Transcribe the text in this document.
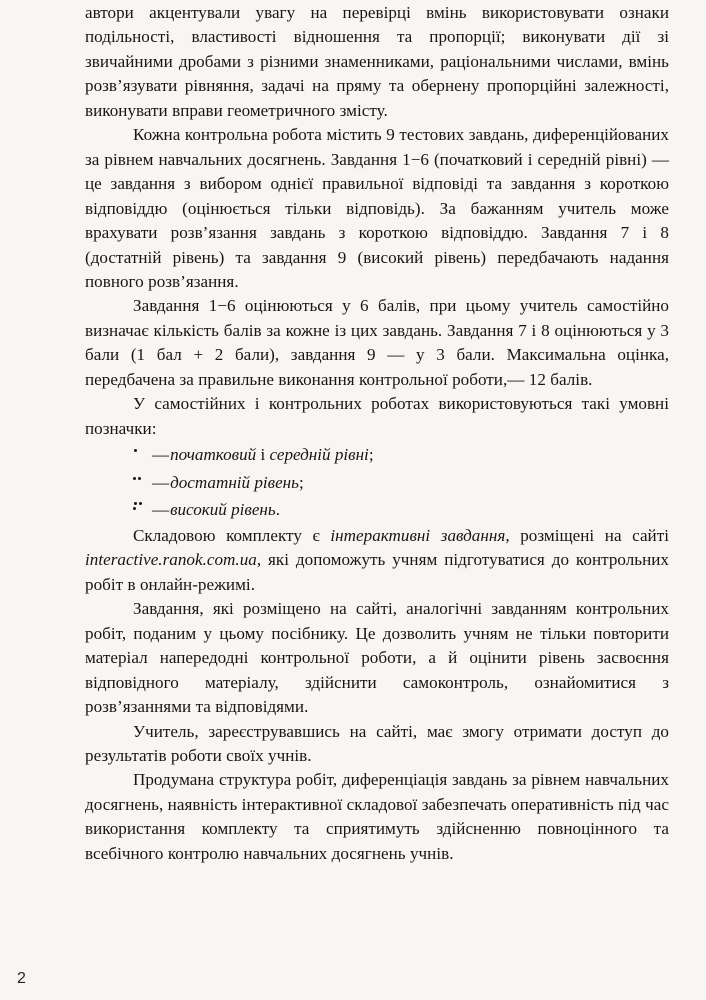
автори акцентували увагу на перевірці вмінь використовувати ознаки подільності, властивості відношення та пропорції; виконувати дії зі звичайними дробами з різними знаменниками, раціональними числами, вмінь розв’язувати рівняння, задачі на пряму та обернену пропорційні залежності, виконувати вправи геометричного змісту.

Кожна контрольна робота містить 9 тестових завдань, диференційованих за рівнем навчальних досягнень. Завдання 1−6 (початковий і середній рівні) — це завдання з вибором однієї правильної відповіді та завдання з короткою відповіддю (оцінюється тільки відповідь). За бажанням учитель може врахувати розв’язання завдань з короткою відповіддю. Завдання 7 і 8 (достатній рівень) та завдання 9 (високий рівень) передбачають надання повного розв’язання.

Завдання 1−6 оцінюються у 6 балів, при цьому учитель самостійно визначає кількість балів за кожне із цих завдань. Завдання 7 і 8 оцінюються у 3 бали (1 бал + 2 бали), завдання 9 — у 3 бали. Максимальна оцінка, передбачена за правильне виконання контрольної роботи,— 12 балів.

У самостійних і контрольних роботах використовуються такі умовні позначки:

—початковий і середній рівні;
—достатній рівень;
—високий рівень.

Складовою комплекту є інтерактивні завдання, розміщені на сайті interactive.ranok.com.ua, які допоможуть учням підготуватися до контрольних робіт в онлайн-режимі.

Завдання, які розміщено на сайті, аналогічні завданням контрольних робіт, поданим у цьому посібнику. Це дозволить учням не тільки повторити матеріал напередодні контрольної роботи, а й оцінити рівень засвоєння відповідного матеріалу, здійснити самоконтроль, ознайомитися з розв’язаннями та відповідями.

Учитель, зареєструвавшись на сайті, має змогу отримати доступ до результатів роботи своїх учнів.

Продумана структура робіт, диференціація завдань за рівнем навчальних досягнень, наявність інтерактивної складової забезпечать оперативність під час використання комплекту та сприятимуть здійсненню повноцінного та всебічного контролю навчальних досягнень учнів.

2
